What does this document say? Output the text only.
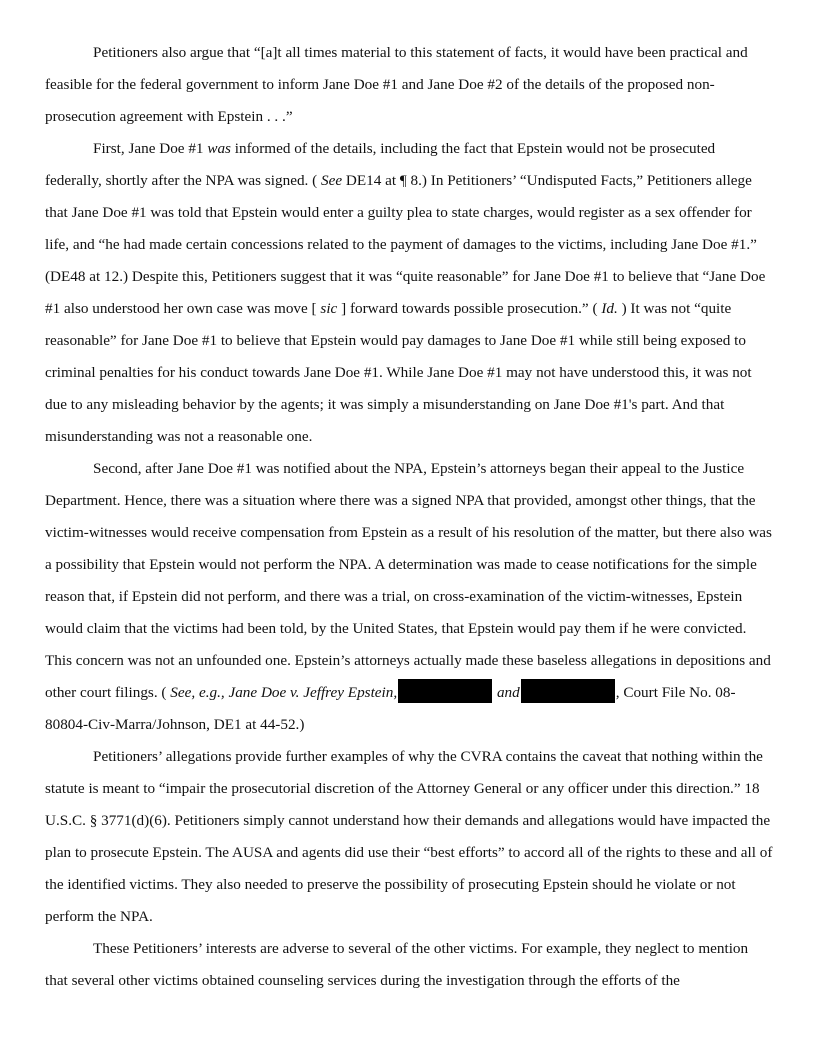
Petitioners also argue that “[a]t all times material to this statement of facts, it would have been practical and feasible for the federal government to inform Jane Doe #1 and Jane Doe #2 of the details of the proposed non-prosecution agreement with Epstein . . .”

First, Jane Doe #1 was informed of the details, including the fact that Epstein would not be prosecuted federally, shortly after the NPA was signed. ( See DE14 at ¶ 8.) In Petitioners’ “Undisputed Facts,” Petitioners allege that Jane Doe #1 was told that Epstein would enter a guilty plea to state charges, would register as a sex offender for life, and “he had made certain concessions related to the payment of damages to the victims, including Jane Doe #1.” (DE48 at 12.) Despite this, Petitioners suggest that it was “quite reasonable” for Jane Doe #1 to believe that “Jane Doe #1 also understood her own case was move [ sic ] forward towards possible prosecution.” ( Id. ) It was not “quite reasonable” for Jane Doe #1 to believe that Epstein would pay damages to Jane Doe #1 while still being exposed to criminal penalties for his conduct towards Jane Doe #1. While Jane Doe #1 may not have understood this, it was not due to any misleading behavior by the agents; it was simply a misunderstanding on Jane Doe #1's part. And that misunderstanding was not a reasonable one.

Second, after Jane Doe #1 was notified about the NPA, Epstein’s attorneys began their appeal to the Justice Department. Hence, there was a situation where there was a signed NPA that provided, amongst other things, that the victim-witnesses would receive compensation from Epstein as a result of his resolution of the matter, but there also was a possibility that Epstein would not perform the NPA. A determination was made to cease notifications for the simple reason that, if Epstein did not perform, and there was a trial, on cross-examination of the victim-witnesses, Epstein would claim that the victims had been told, by the United States, that Epstein would pay them if he were convicted. This concern was not an unfounded one. Epstein’s attorneys actually made these baseless allegations in depositions and other court filings. ( See, e.g., Jane Doe v. Jeffrey Epstein,	and	, Court File No. 08-80804-Civ-Marra/Johnson, DE1 at 44-52.)

Petitioners’ allegations provide further examples of why the CVRA contains the caveat that nothing within the statute is meant to “impair the prosecutorial discretion of the Attorney General or any officer under this direction.” 18 U.S.C. § 3771(d)(6). Petitioners simply cannot understand how their demands and allegations would have impacted the plan to prosecute Epstein. The AUSA and agents did use their “best efforts” to accord all of the rights to these and all of the identified victims. They also needed to preserve the possibility of prosecuting Epstein should he violate or not perform the NPA.

These Petitioners’ interests are adverse to several of the other victims. For example, they neglect to mention that several other victims obtained counseling services during the investigation through the efforts of the
